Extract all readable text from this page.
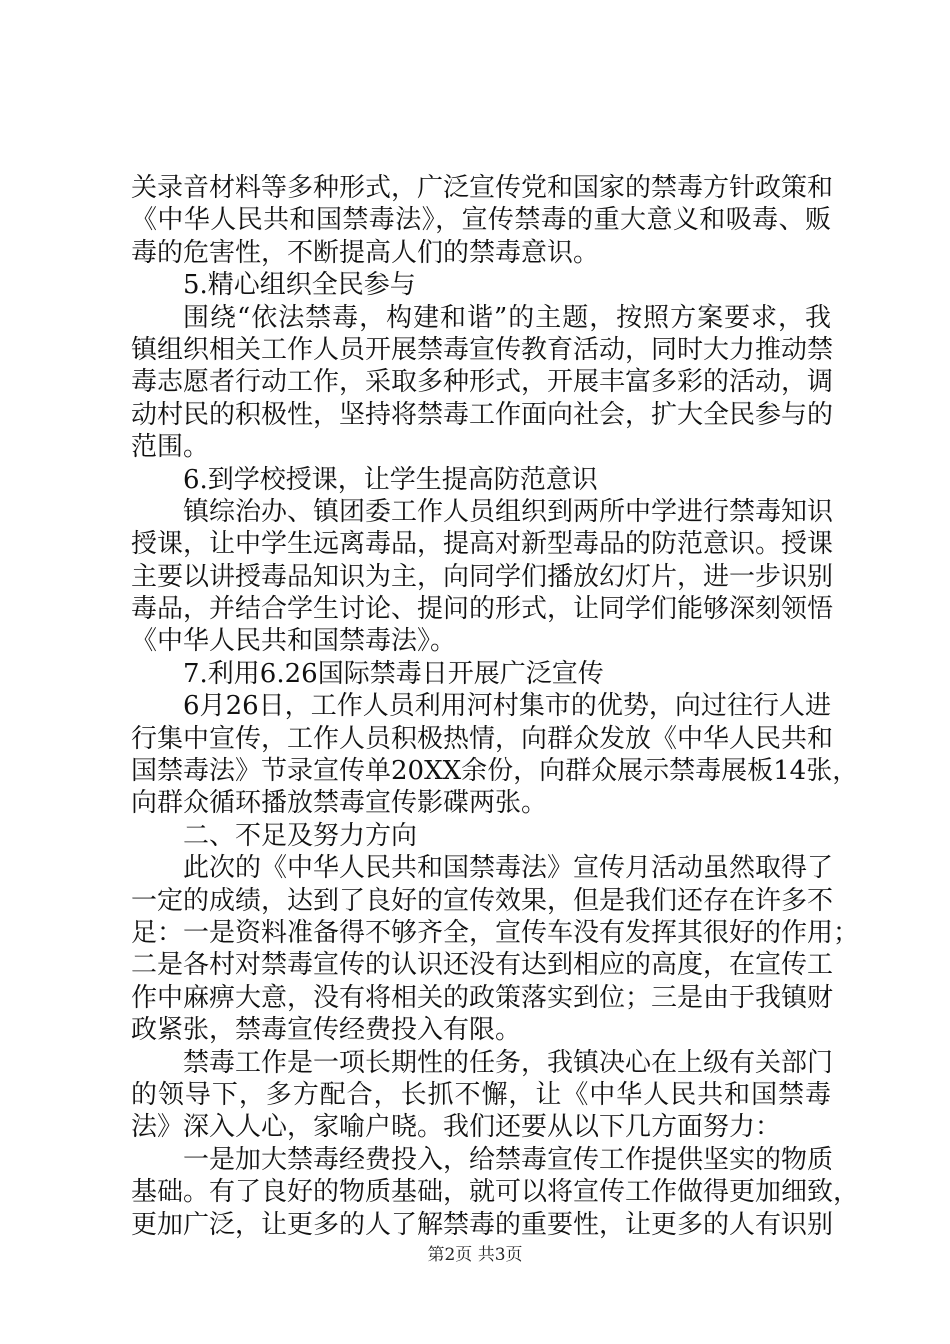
关录音材料等多种形式，广泛宣传党和国家的禁毒方针政策和
《中华人民共和国禁毒法》，宣传禁毒的重大意义和吸毒、贩
毒的危害性，不断提高人们的禁毒意识。
5.精心组织全民参与
围绕“依法禁毒，构建和谐”的主题，按照方案要求，我
镇组织相关工作人员开展禁毒宣传教育活动，同时大力推动禁
毒志愿者行动工作，采取多种形式，开展丰富多彩的活动，调
动村民的积极性，坚持将禁毒工作面向社会，扩大全民参与的
范围。
6.到学校授课，让学生提高防范意识
镇综治办、镇团委工作人员组织到两所中学进行禁毒知识
授课，让中学生远离毒品，提高对新型毒品的防范意识。授课
主要以讲授毒品知识为主，向同学们播放幻灯片，进一步识别
毒品，并结合学生讨论、提问的形式，让同学们能够深刻领悟
《中华人民共和国禁毒法》。
7.利用6.26国际禁毒日开展广泛宣传
6月26日，工作人员利用河村集市的优势，向过往行人进
行集中宣传，工作人员积极热情，向群众发放《中华人民共和
国禁毒法》节录宣传单20XX余份，向群众展示禁毒展板14张，
向群众循环播放禁毒宣传影碟两张。
二、不足及努力方向
此次的《中华人民共和国禁毒法》宣传月活动虽然取得了
一定的成绩，达到了良好的宣传效果，但是我们还存在许多不
足：一是资料准备得不够齐全，宣传车没有发挥其很好的作用；
二是各村对禁毒宣传的认识还没有达到相应的高度，在宣传工
作中麻痹大意，没有将相关的政策落实到位；三是由于我镇财
政紧张，禁毒宣传经费投入有限。
禁毒工作是一项长期性的任务，我镇决心在上级有关部门
的领导下，多方配合，长抓不懈，让《中华人民共和国禁毒
法》深入人心，家喻户晓。我们还要从以下几方面努力：
一是加大禁毒经费投入，给禁毒宣传工作提供坚实的物质
基础。有了良好的物质基础，就可以将宣传工作做得更加细致，
更加广泛，让更多的人了解禁毒的重要性，让更多的人有识别
第2页 共3页
